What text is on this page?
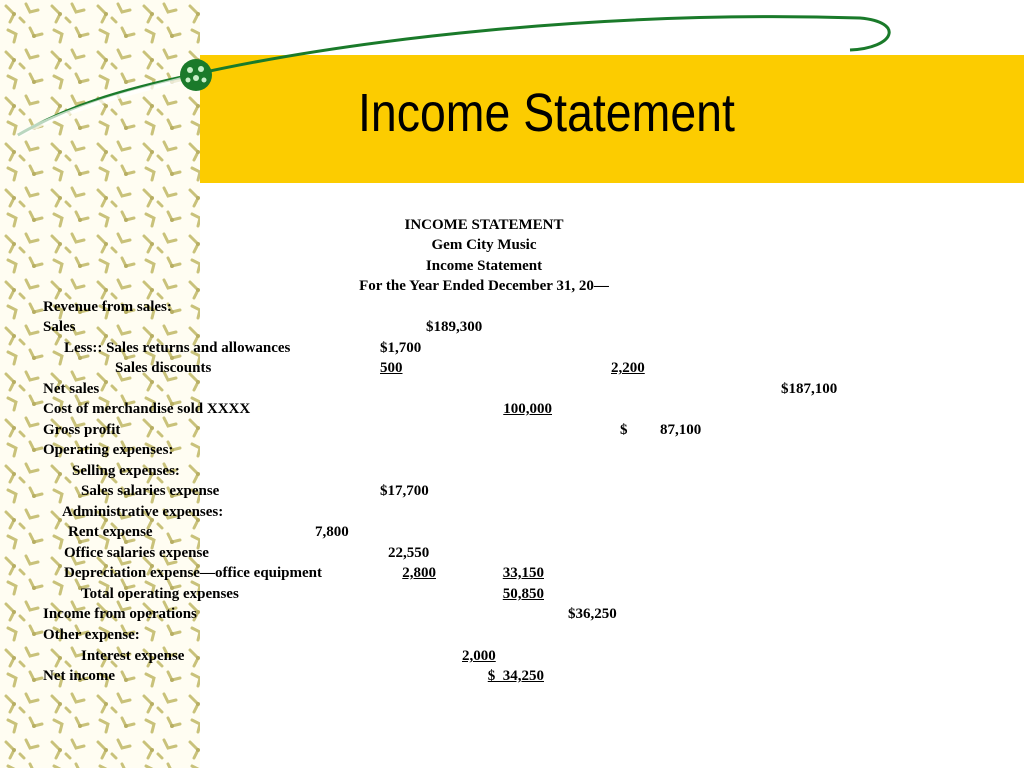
Income Statement
INCOME STATEMENT
Gem City Music
Income Statement
For the Year Ended December 31, 20—
Revenue from sales:
Sales	$189,300
Less:: Sales returns and allowances	$1,700
Sales discounts	500	2,200
Net sales	$187,100
Cost of merchandise sold XXXX	100,000
Gross profit	$ 87,100
Operating expenses:
Selling expenses:
Sales salaries expense	$17,700
Administrative expenses:
Rent expense	7,800
Office salaries expense	22,550
Depreciation expense—office equipment	2,800	33,150
Total operating expenses	50,850
Income from operations	$36,250
Other expense:
Interest expense	2,000
Net income	$  34,250
